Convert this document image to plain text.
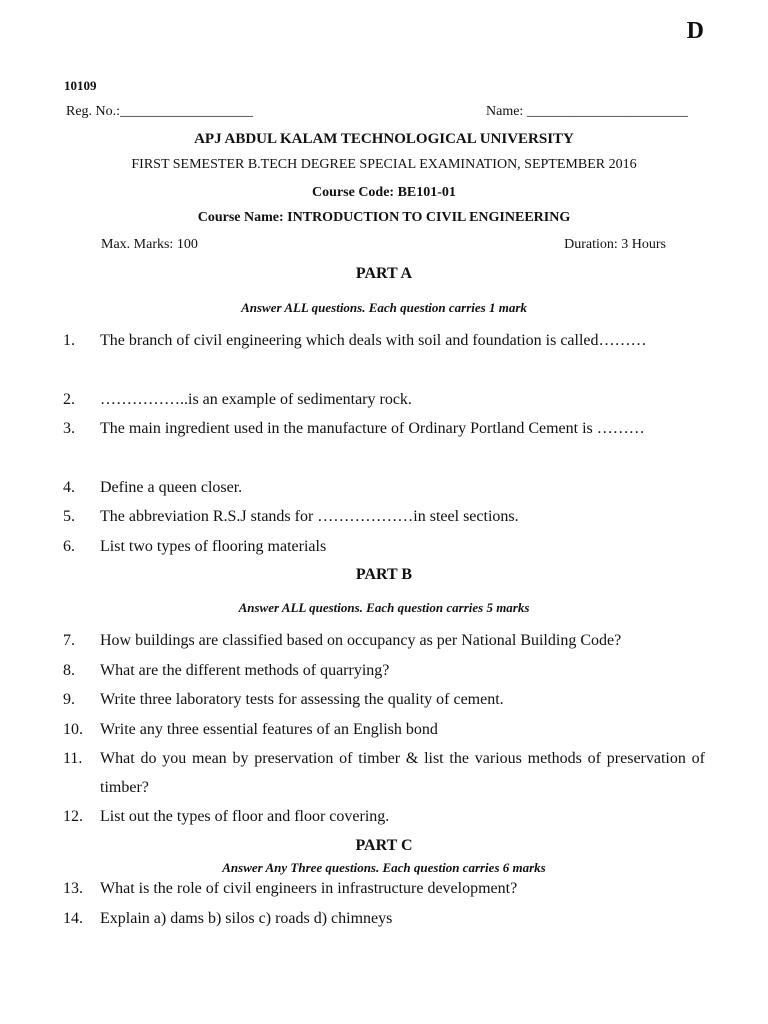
D
10109
Reg. No.:___________________	Name: _______________________
APJ ABDUL KALAM TECHNOLOGICAL UNIVERSITY
FIRST SEMESTER B.TECH DEGREE SPECIAL EXAMINATION, SEPTEMBER 2016
Course Code: BE101-01
Course Name: INTRODUCTION TO CIVIL ENGINEERING
Max. Marks: 100	Duration: 3 Hours
PART A
Answer ALL questions. Each question carries 1 mark
1. The branch of civil engineering which deals with soil and foundation is called………
2. ……………..is an example of sedimentary rock.
3. The main ingredient used in the manufacture of Ordinary Portland Cement is ………
4. Define a queen closer.
5. The abbreviation R.S.J stands for ………………in steel sections.
6. List two types of flooring materials
PART B
Answer ALL questions. Each question carries 5 marks
7. How buildings are classified based on occupancy as per National Building Code?
8. What are the different methods of quarrying?
9. Write three laboratory tests for assessing the quality of cement.
10. Write any three essential features of an English bond
11. What do you mean by preservation of timber & list the various methods of preservation of timber?
12. List out the types of floor and floor covering.
PART C
Answer Any Three questions. Each question carries 6 marks
13. What is the role of civil engineers in infrastructure development?
14. Explain a) dams b) silos c) roads d) chimneys
